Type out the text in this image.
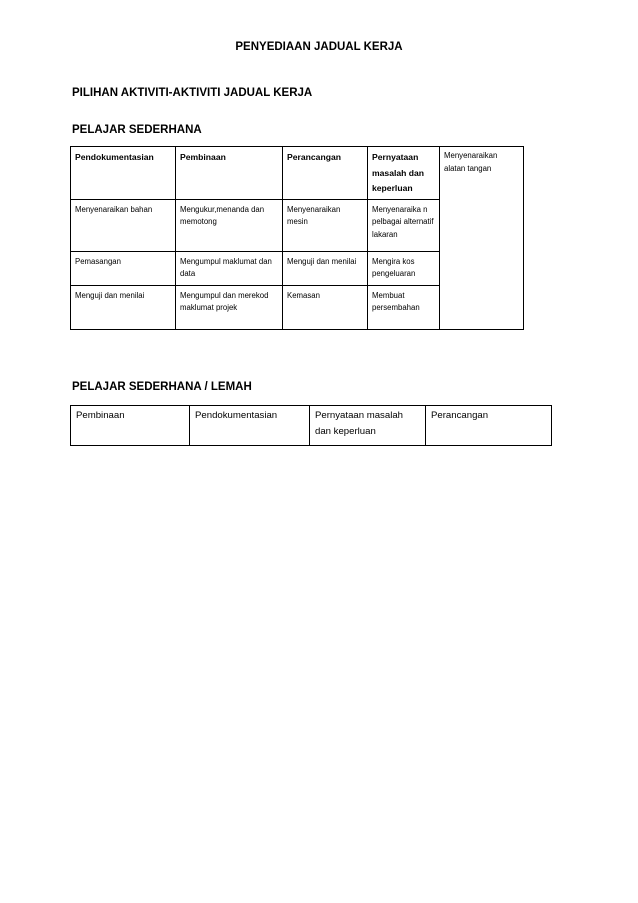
PENYEDIAAN JADUAL KERJA
PILIHAN AKTIVITI-AKTIVITI JADUAL KERJA
PELAJAR SEDERHANA
Pendokumentasian	Pembinaan	Perancangan	Pernyataan masalah dan keperluan	Menyenaraikan alatan tangan
Menyenaraikan bahan	Mengukur,menanda dan memotong	Menyenaraikan mesin	Menyenaraika n pelbagai alternatif lakaran	
Pemasangan	Mengumpul maklumat dan data	Menguji dan menilai	Mengira kos pengeluaran	
Menguji dan menilai	Mengumpul dan merekod maklumat projek	Kemasan	Membuat persembahan	
PELAJAR SEDERHANA / LEMAH
Pembinaan	Pendokumentasian	Pernyataan masalah dan keperluan	Perancangan
